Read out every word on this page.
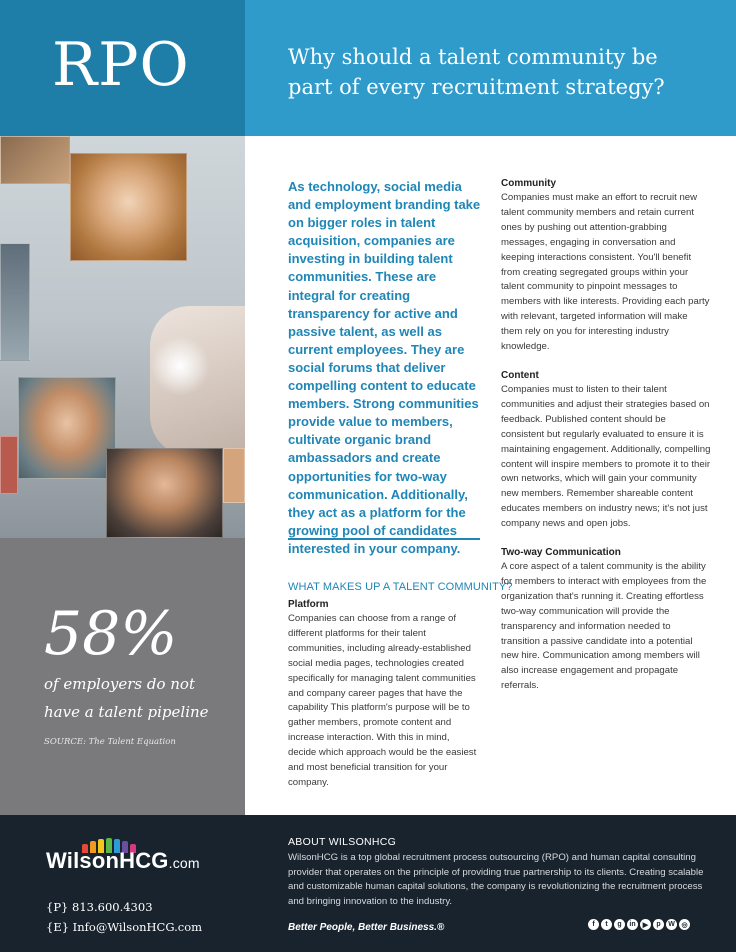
RPO	Why should a talent community be part of every recruitment strategy?
58%
of employers do not
have a talent pipeline
SOURCE: The Talent Equation
As technology, social media and employment branding take on bigger roles in talent acquisition, companies are investing in building talent communities. These are integral for creating transparency for active and passive talent, as well as current employees. They are social forums that deliver compelling content to educate members. Strong communities provide value to members, cultivate organic brand ambassadors and create opportunities for two-way communication. Additionally, they act as a platform for the growing pool of candidates interested in your company.
WHAT MAKES UP A TALENT COMMUNITY?
Platform

Companies can choose from a range of different platforms for their talent communities, including already-established social media pages, technologies created specifically for managing talent communities and company career pages that have the capability This platform's purpose will be to gather members, promote content and increase interaction. With this in mind, decide which approach would be the easiest and most beneficial transition for your company.

Community

Companies must make an effort to recruit new talent community members and retain current ones by pushing out attention-grabbing messages, engaging in conversation and keeping interactions consistent. You'll benefit from creating segregated groups within your talent community to pinpoint messages to members with like interests. Providing each party with relevant, targeted information will make them rely on you for interesting industry knowledge.

Content

Companies must to listen to their talent communities and adjust their strategies based on feedback. Published content should be consistent but regularly evaluated to ensure it is maintaining engagement. Additionally, compelling content will inspire members to promote it to their own networks, which will gain your community new members. Remember shareable content educates members on industry news; it's not just company news and open jobs.

Two-way Communication

A core aspect of a talent community is the ability for members to interact with employees from the organization that's running it. Creating effortless two-way communication will provide the transparency and information needed to transition a passive candidate into a potential new hire. Communication among members will also increase engagement and propagate referrals.

WilsonHCG.com
{P} 813.600.4303
{E} Info@WilsonHCG.com
ABOUT WILSONHCG
WilsonHCG is a top global recruitment process outsourcing (RPO) and human capital consulting provider that operates on the principle of providing true partnership to its clients. Creating scalable and customizable human capital solutions, the company is revolutionizing the recruitment process and bringing innovation to the industry.
Better People, Better Business.®	f	t	g	in	▶	p	W ◎
